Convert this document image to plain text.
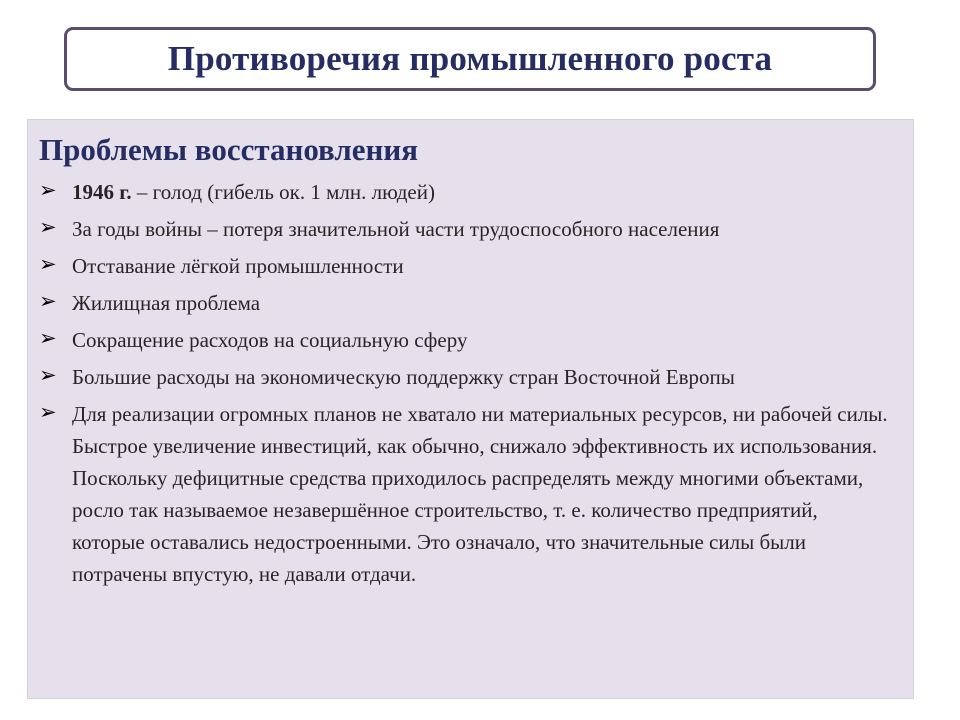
Противоречия промышленного роста
Проблемы восстановления
➢ 1946 г. – голод (гибель ок. 1 млн. людей)
➢ За годы войны – потеря значительной части трудоспособного населения
➢ Отставание лёгкой промышленности
➢ Жилищная проблема
➢ Сокращение расходов на социальную сферу
➢ Большие расходы на экономическую поддержку стран Восточной Европы
➢ Для реализации огромных планов не хватало ни материальных ресурсов, ни рабочей силы. Быстрое увеличение инвестиций, как обычно, снижало эффективность их использования. Поскольку дефицитные средства приходилось распределять между многими объектами, росло так называемое незавершённое строительство, т. е. количество предприятий, которые оставались недостроенными. Это означало, что значительные силы были потрачены впустую, не давали отдачи.
